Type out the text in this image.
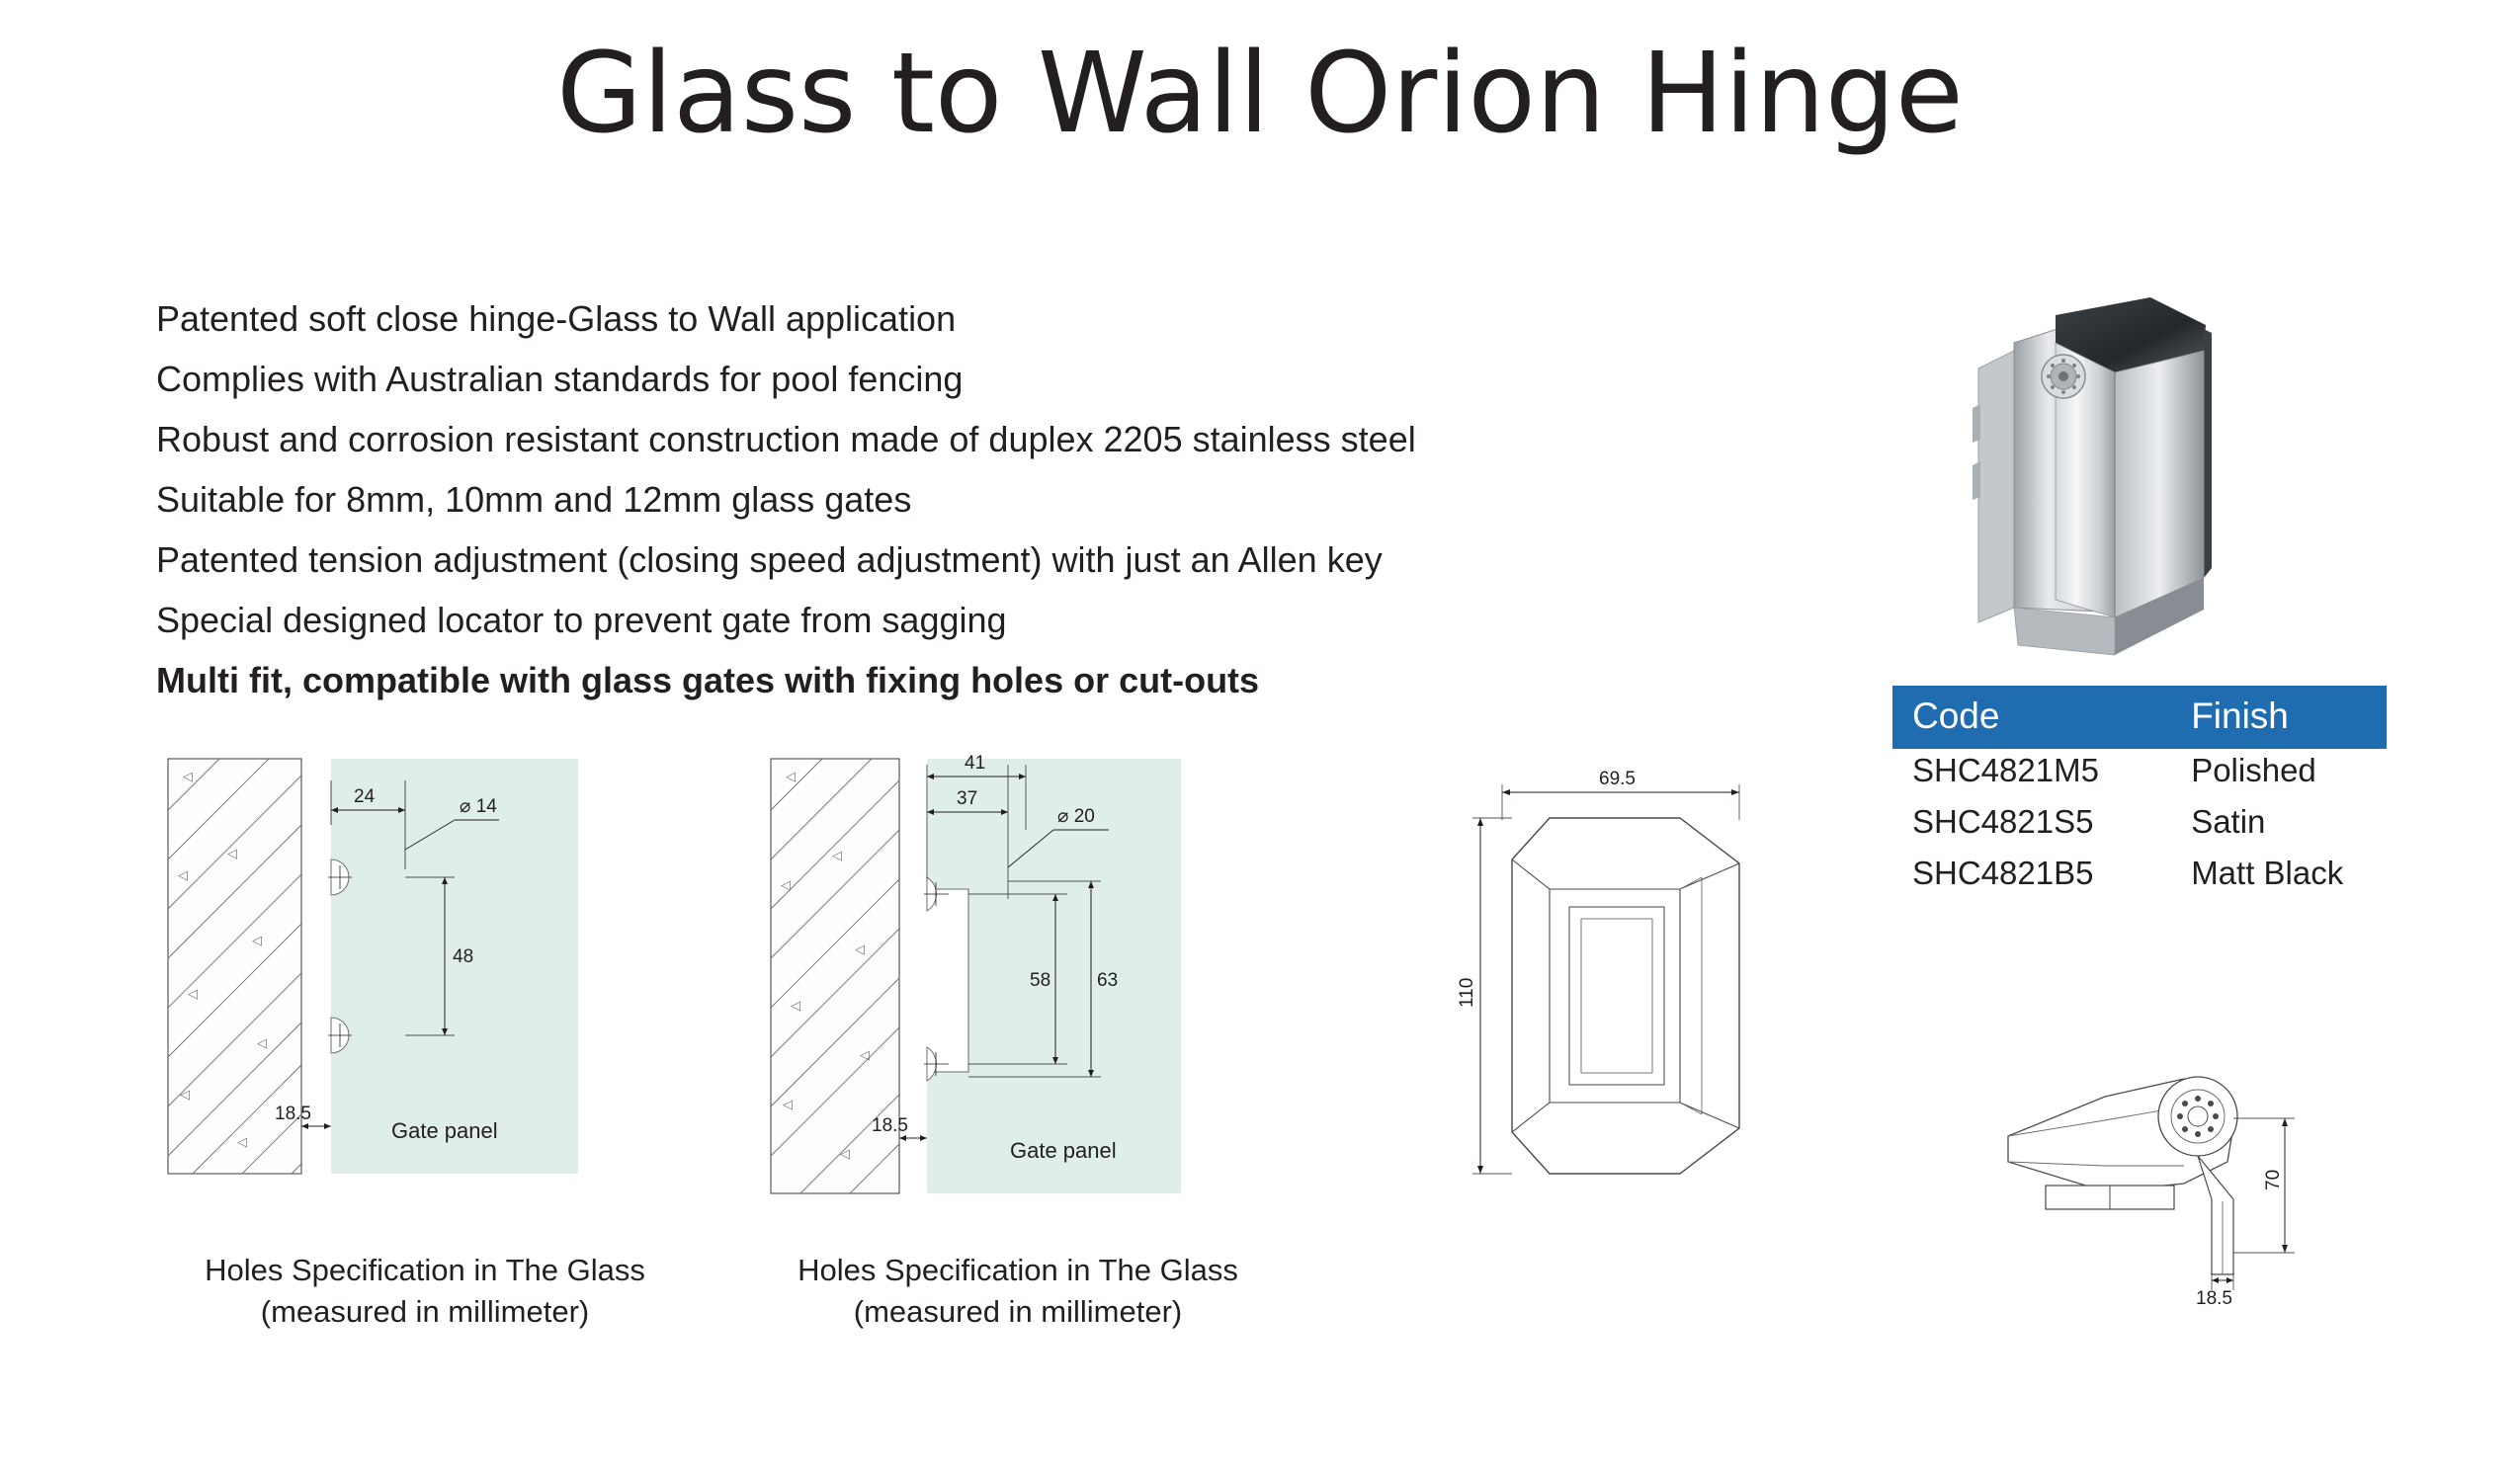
Glass to Wall Orion Hinge
Patented soft close hinge-Glass to Wall application
Complies with Australian standards for pool fencing
Robust and corrosion resistant construction made of duplex 2205 stainless steel
Suitable for 8mm, 10mm and 12mm glass gates
Patented tension adjustment (closing speed adjustment) with just an Allen key
Special designed locator to prevent gate from sagging
Multi fit, compatible with glass gates with fixing holes or cut-outs
Code	Finish
SHC4821M5	Polished
SHC4821S5	Satin
SHC4821B5	Matt Black
◁
◁
◁
◁
◁
◁
◁
◁
18.5
24	⌀ 14
48
Gate panel
◁
◁
◁
◁
◁
◁
◁
◁
18.5
41
37
⌀ 20
58 63
Gate panel
69.5
110
70
18.5
Holes Specification in The Glass
(measured in millimeter)
Holes Specification in The Glass
(measured in millimeter)
